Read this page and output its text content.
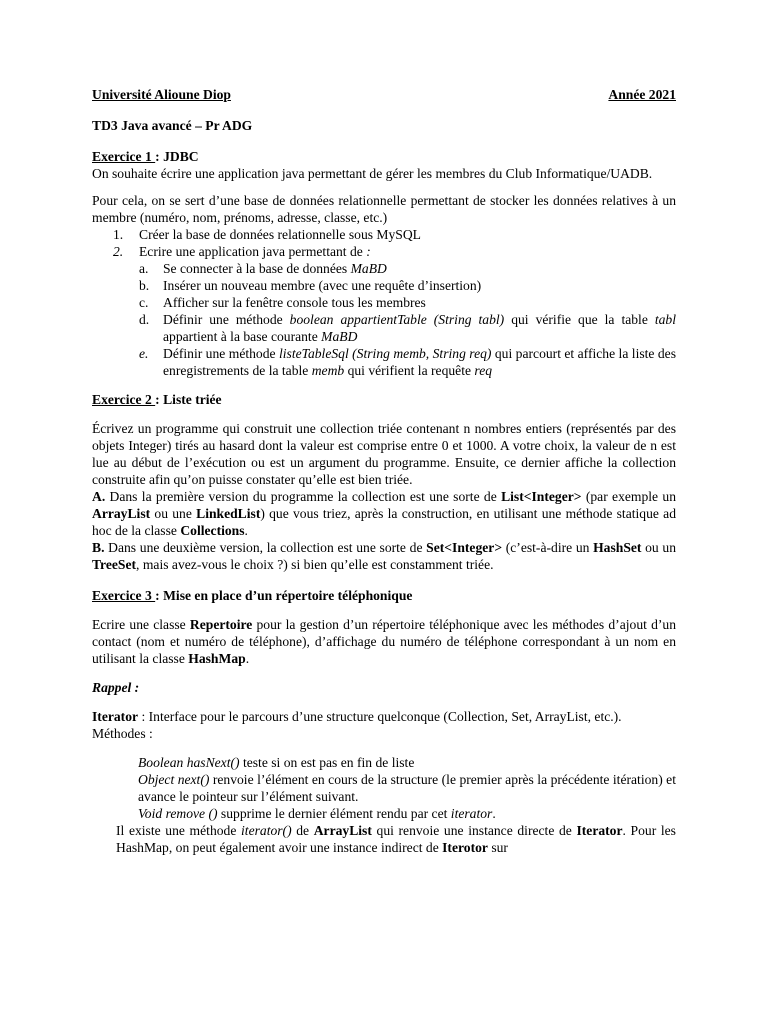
Université Alioune Diop	Année 2021

TD3 Java avancé – Pr ADG

Exercice 1 : JDBC

On souhaite écrire une application java permettant de gérer les membres du Club Informatique/UADB.

Pour cela, on se sert d’une base de données relationnelle permettant de stocker les données relatives à un membre (numéro, nom, prénoms, adresse, classe, etc.)

1. Créer la base de données relationnelle sous MySQL
2. Ecrire une application java permettant de :
a. Se connecter à la base de données MaBD
b. Insérer un nouveau membre (avec une requête d’insertion)
c. Afficher sur la fenêtre console tous les membres
d. Définir une méthode boolean appartientTable (String tabl) qui vérifie que la table tabl appartient à la base courante MaBD
e. Définir une méthode listeTableSql (String memb, String req) qui parcourt et affiche la liste des enregistrements de la table memb qui vérifient la requête req

Exercice 2 : Liste triée

Écrivez un programme qui construit une collection triée contenant n nombres entiers (représentés par des objets Integer) tirés au hasard dont la valeur est comprise entre 0 et 1000. A votre choix, la valeur de n est lue au début de l’exécution ou est un argument du programme. Ensuite, ce dernier affiche la collection construite afin qu’on puisse constater qu’elle est bien triée.

A. Dans la première version du programme la collection est une sorte de List<Integer> (par exemple un ArrayList ou une LinkedList) que vous triez, après la construction, en utilisant une méthode statique ad hoc de la classe Collections.

B. Dans une deuxième version, la collection est une sorte de Set<Integer> (c’est-à-dire un HashSet ou un TreeSet, mais avez-vous le choix ?) si bien qu’elle est constamment triée.

Exercice 3 : Mise en place d’un répertoire téléphonique

Ecrire une classe Repertoire pour la gestion d’un répertoire téléphonique avec les méthodes d’ajout d’un contact (nom et numéro de téléphone), d’affichage du numéro de téléphone correspondant à un nom en utilisant la classe HashMap.

Rappel :

Iterator : Interface pour le parcours d’une structure quelconque (Collection, Set, ArrayList, etc.). Méthodes :

Boolean hasNext() teste si on est pas en fin de liste

Object next() renvoie l’élément en cours de la structure (le premier après la précédente itération) et avance le pointeur sur l’élément suivant.

Void remove () supprime le dernier élément rendu par cet iterator.

Il existe une méthode iterator() de ArrayList qui renvoie une instance directe de Iterator. Pour les HashMap, on peut également avoir une instance indirect de Iterotor sur
